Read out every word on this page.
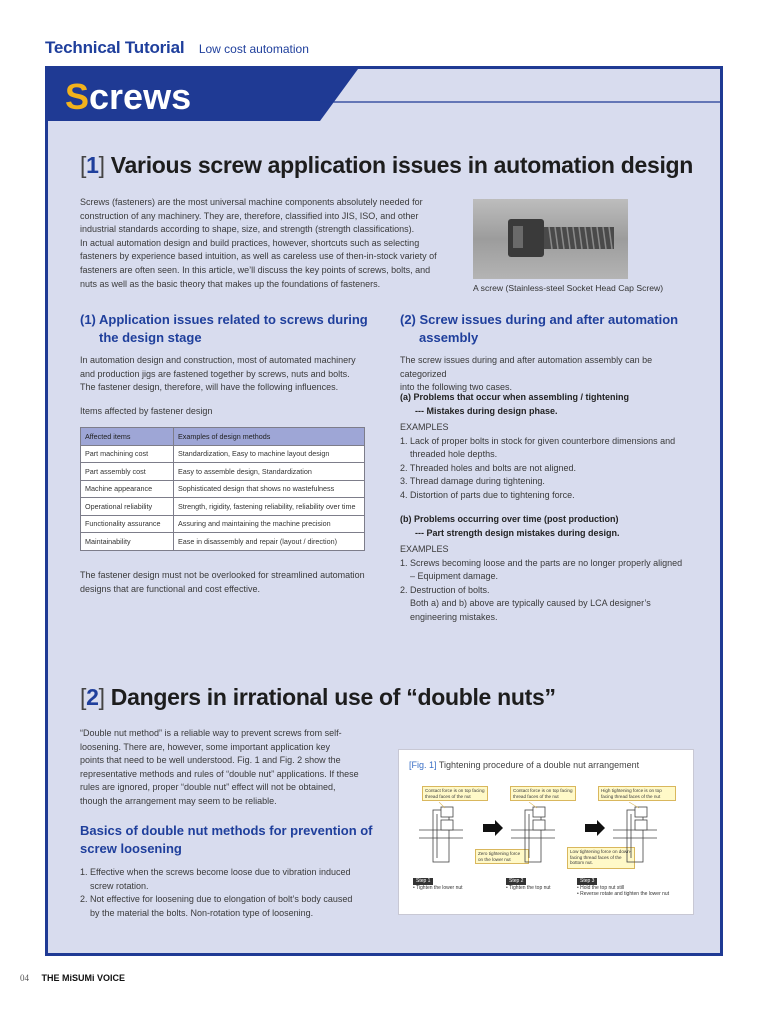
Technical Tutorial Low cost automation
Screws
[1] Various screw application issues in automation design

Screws (fasteners) are the most universal machine components absolutely needed for

construction of any machinery. They are, therefore, classified into JIS, ISO, and other

industrial standards according to shape, size, and strength (strength classifications).

In actual automation design and build practices, however, shortcuts such as selecting

fasteners by experience based intuition, as well as careless use of then-in-stock variety of

fasteners are often seen. In this article, we’ll discuss the key points of screws, bolts, and

nuts as well as the basic theory that makes up the foundations of fasteners.	A screw (Stainless-steel Socket Head Cap Screw)
(1) Application issues related to screws during
the design stage

In automation design and construction, most of automated machinery

and production jigs are fastened together by screws, nuts and bolts.

The fastener design, therefore, will have the following influences.

Items affected by fastener design
Affected items	Examples of design methods
Part machining cost	Standardization, Easy to machine layout design
Part assembly cost	Easy to assemble design, Standardization
Machine appearance	Sophisticated design that shows no wastefulness
Operational reliability	Strength, rigidity, fastening reliability, reliability over time
Functionality assurance	Assuring and maintaining the machine precision
Maintainability	Ease in disassembly and repair (layout / direction)

The fastener design must not be overlooked for streamlined automation

designs that are functional and cost effective.

(2) Screw issues during and after automation
assembly

The screw issues during and after automation assembly can be categorized

into the following two cases.

(a) Problems that occur when assembling / tightening
--- Mistakes during design phase.
EXAMPLES
1. Lack of proper bolts in stock for given counterbore dimensions and
threaded hole depths.
2. Threaded holes and bolts are not aligned.
3. Thread damage during tightening.
4. Distortion of parts due to tightening force.
(b) Problems occurring over time (post production)
--- Part strength design mistakes during design.
EXAMPLES
1. Screws becoming loose and the parts are no longer properly aligned
– Equipment damage.
2. Destruction of bolts.
Both a) and b) above are typically caused by LCA designer’s
engineering mistakes.
[2] Dangers in irrational use of “double nuts”

“Double nut method” is a reliable way to prevent screws from self-

loosening. There are, however, some important application key

points that need to be well understood. Fig. 1 and Fig. 2 show the

representative methods and rules of “double nut” applications. If these

rules are ignored, proper “double nut” effect will not be obtained,

though the arrangement may seem to be reliable.

Basics of double nut methods for prevention of
screw loosening
1. Effective when the screws become loose due to vibration induced
screw rotation.
2. Not effective for loosening due to elongation of bolt’s body caused
by the material the bolts. Non-rotation type of loosening.
[Fig. 1] Tightening procedure of a double nut arrangement
Contact force is on top facing thread faces of the nut
Contact force is on top facing thread faces of the nut
High tightening force is on top facing thread faces of the nut
Zero tightening force on the lower nut
Low tightening force on down-facing thread faces of the bottom nut.
Step 1
• Tighten the lower nut
Step 2
• Tighten the top nut
Step 3
• Hold the top nut still
• Reverse rotate and tighten the lower nut
04 THE MiSUMi VOICE
